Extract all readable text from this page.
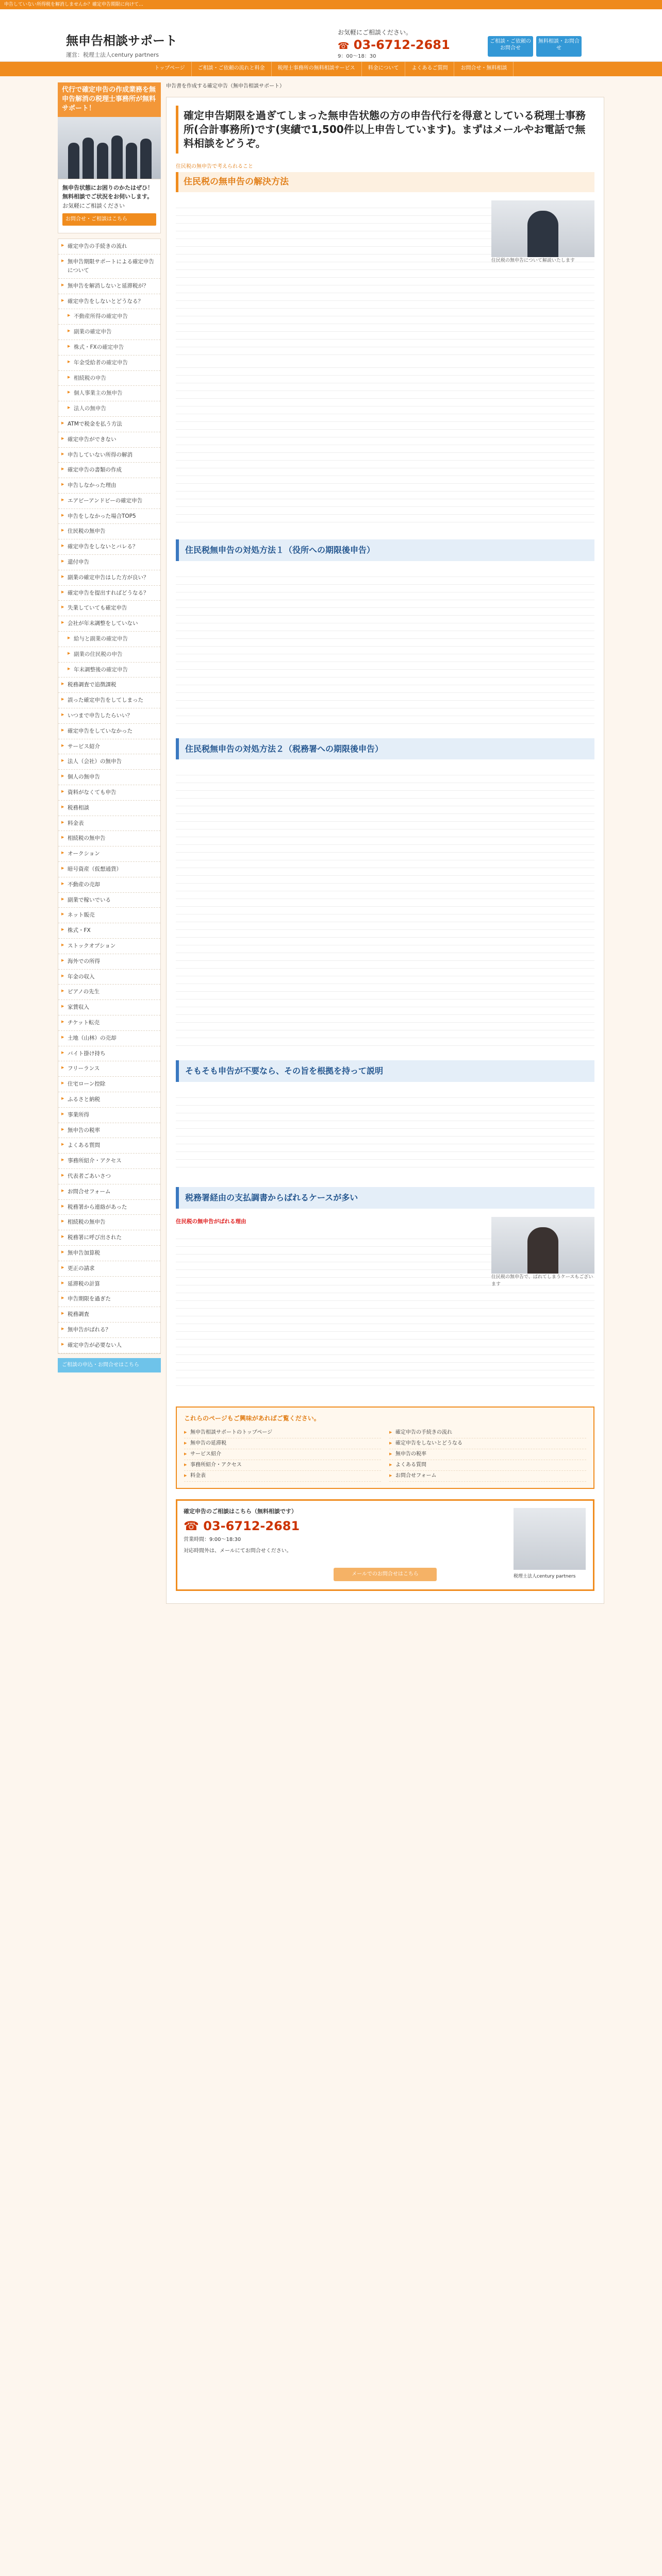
申告していない所得税を解消しませんか？確定申告期限に向けて…
無申告相談サポート
運営：税理士法人century partners
お気軽にご相談ください。
☎ 03-6712-2681
9：00〜18：30
ご相談・ご依頼のお問合せ
無料相談・お問合せ
トップページ	ご相談・ご依頼の流れと料金	税理士事務所の無料相談サービス	料金について	よくあるご質問	お問合せ・無料相談
代行で確定申告の作成業務を無申告解消の税理士事務所が無料サポート！
無申告状態にお困りのかたはぜひ！無料相談でご状況をお伺いします。
お気軽にご相談ください
お問合せ・ご相談はこちら
▶ 確定申告の手続きの流れ
▶ 無申告期限サポートによる確定申告について
▶ 無申告を解消しないと延滞税が？
▶ 確定申告をしないとどうなる？
▶ 不動産所得の確定申告
▶ 副業の確定申告
▶ 株式・FXの確定申告
▶ 年金受給者の確定申告
▶ 相続税の申告
▶ 個人事業主の無申告
▶ 法人の無申告
▶ ATMで税金を払う方法
▶ 確定申告ができない
▶ 申告していない所得の解消
▶ 確定申告の書類の作成
▶ 申告しなかった理由
▶ エアビーアンドビーの確定申告
▶ 申告をしなかった場合TOP5
▶ 住民税の無申告
▶ 確定申告をしないとバレる？
▶ 還付申告
▶ 副業の確定申告はした方が良い？
▶ 確定申告を提出すればどうなる？
▶ 失業していても確定申告
▶ 会社が年末調整をしていない
▶ 給与と副業の確定申告
▶ 副業の住民税の申告
▶ 年末調整後の確定申告
▶ 税務調査で追徴課税
▶ 誤った確定申告をしてしまった
▶ いつまで申告したらいい？
▶ 確定申告をしていなかった
▶ サービス紹介
▶ 法人（会社）の無申告
▶ 個人の無申告
▶ 資料がなくても申告
▶ 税務相談
▶ 料金表
▶ 相続税の無申告
▶ オークション
▶ 暗号資産（仮想通貨）
▶ 不動産の売却
▶ 副業で稼いでいる
▶ ネット販売
▶ 株式・FX
▶ ストックオプション
▶ 海外での所得
▶ 年金の収入
▶ ピアノの先生
▶ 家賃収入
▶ チケット転売
▶ 土地（山林）の売却
▶ バイト掛け持ち
▶ フリーランス
▶ 住宅ローン控除
▶ ふるさと納税
▶ 事業所得
▶ 無申告の税率
▶ よくある質問
▶ 事務所紹介・アクセス
▶ 代表者ごあいさつ
▶ お問合せフォーム
▶ 税務署から連絡があった
▶ 相続税の無申告
▶ 税務署に呼び出された
▶ 無申告加算税
▶ 更正の請求
▶ 延滞税の計算
▶ 申告期限を過ぎた
▶ 税務調査
▶ 無申告がばれる？
▶ 確定申告が必要ない人
ご相談の申込・お問合せはこちら
申告書を作成する確定申告（無申告相談サポート）
確定申告期限を過ぎてしまった無申告状態の方の申告代行を得意としている税理士事務所(合計事務所)です(実績で1,500件以上申告しています)。まずはメールやお電話で無料相談をどうぞ。
住民税の無申告で考えられること
住民税の無申告の解決方法
住民税の無申告について解説いたします
住民税無申告の対処方法１（役所への期限後申告）
住民税無申告の対処方法２（税務署への期限後申告）
そもそも申告が不要なら、その旨を根拠を持って説明
税務署経由の支払調書からばれるケースが多い
住民税の無申告で、ばれてしまうケースもございます
住民税の無申告がばれる理由
これらのページもご興味があればご覧ください。
▶ 無申告相談サポートのトップページ	▶ 確定申告の手続きの流れ
▶ 無申告の延滞税	▶ 確定申告をしないとどうなる
▶ サービス紹介	▶ 無申告の税率
▶ 事務所紹介・アクセス	▶ よくある質問
▶ 料金表	▶ お問合せフォーム
確定申告のご相談はこちら（無料相談です）
☎ 03-6712-2681
営業時間：9:00〜18:30
対応時間外は、メールにてお問合せください。
税理士法人century partners
メールでのお問合せはこちら
